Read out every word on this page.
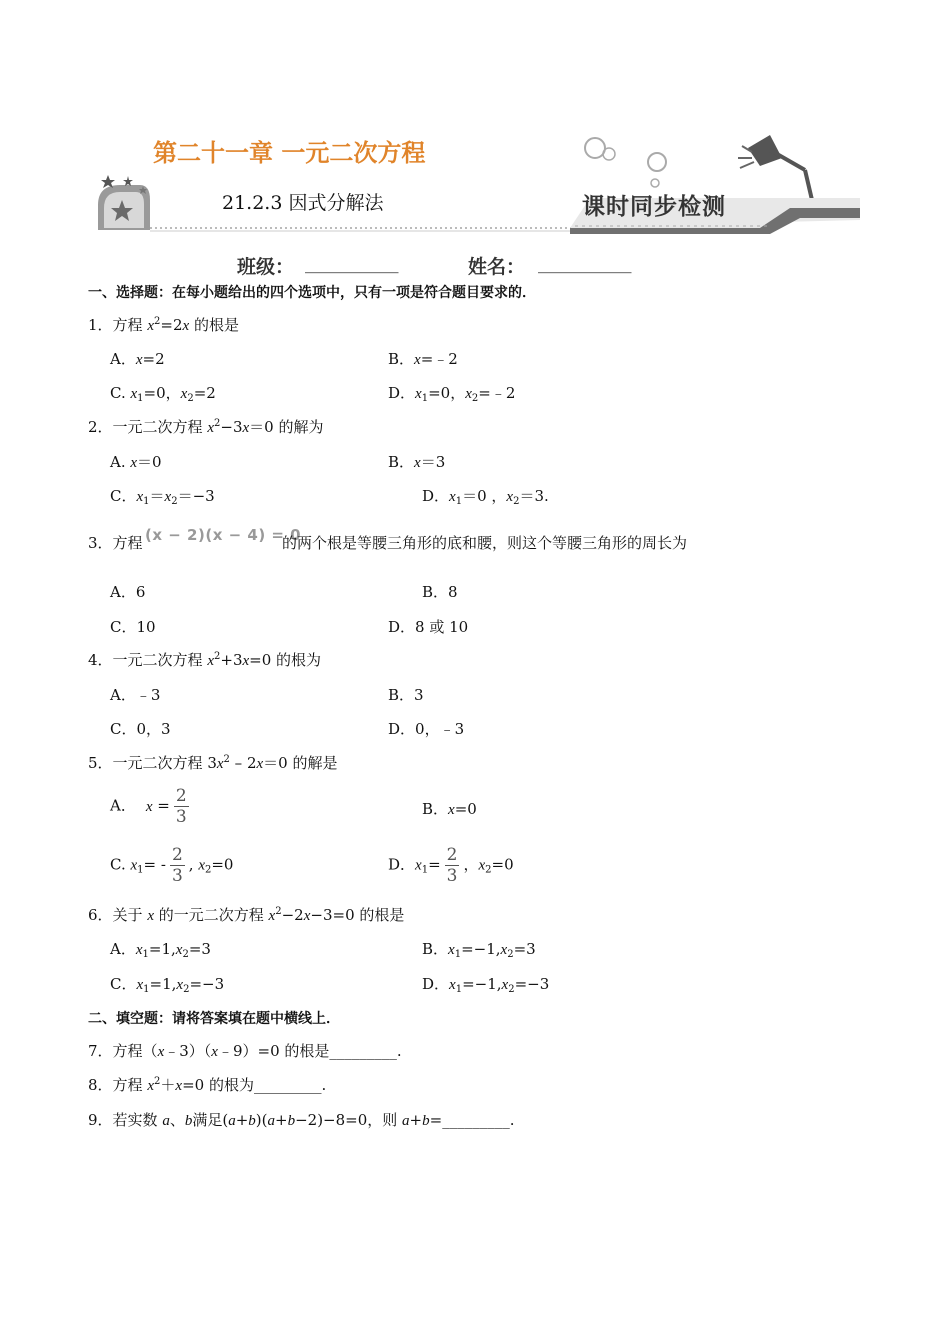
第二十一章 一元二次方程
21.2.3 因式分解法	课时同步检测
班级： ___________	姓名： ___________
一、选择题：在每小题给出的四个选项中，只有一项是符合题目要求的．
1．方程 $x^2=2x$ 的根是
A．x=2	B．x=﹣2
C. $x_1=0$，$x_2=2$	D．$x_1=0$，$x_2=﹣2$
2．一元二次方程 $x^2-3x=0$ 的解为
A. x＝0	B．x＝3
C．$x_1=x_2=-3$	D．$x_1=0$ ，$x_2=3$.
3．方程 (x − 2)(x − 4) = 0
的两个根是等腰三角形的底和腰，则这个等腰三角形的周长为
A．6	B．8
C．10	D．8 或 10
4．一元二次方程 $x^2+3x=0$ 的根为
A．﹣3	B．3
C．0，3	D．0，﹣3
5．一元二次方程 $3x^2 - 2x=0$ 的解是
A． $x = \frac{2}{3}$	B．x=0
C. $x_1= - \frac{2}{3}$ , $x_2=0$	D．$x_1= \frac{2}{3}$ ，$x_2=0$
6．关于 x 的一元二次方程 $x^2-2x-3=0$ 的根是
A．$x_1=1,x_2=3$	B．$x_1=-1,x_2=3$
C．$x_1=1,x_2=-3$	D．$x_1=-1,x_2=-3$
二、填空题：请将答案填在题中横线上．
7．方程（x﹣3）（x﹣9）=0 的根是_________.
8．方程 $x^2+x=0$ 的根为_________.
9．若实数 a、b满足(a+b)(a+b−2)−8=0，则 a+b=_________.
